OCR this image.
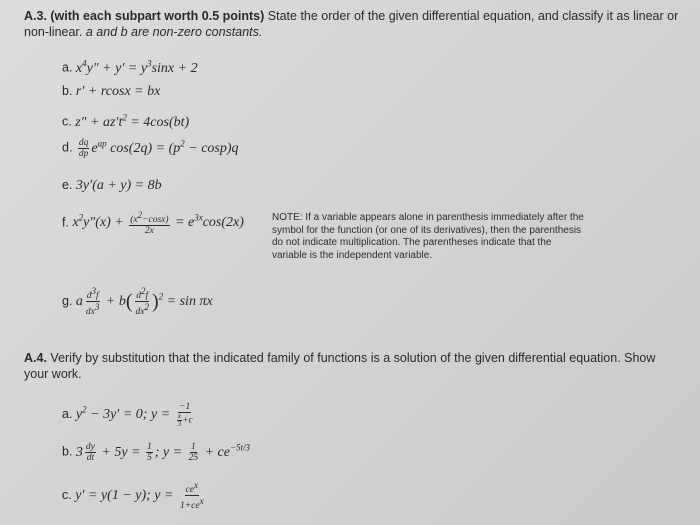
A.3. (with each subpart worth 0.5 points) State the order of the given differential equation, and classify it as linear or
non-linear. a and b are non-zero constants.
a. $x^4y'' + y' = y^3\sin x + 2$
b. r′ + rcosx = bx
c. $z'' + az't^2 = 4\cos(bt)$
d. $\frac{dq}{dp} e^{ap}$ $\cos(2q) = (p^2 - \cos p)q$
e. 3y′(a + y) = 8b
f. $x^2y''(x) + \frac{(x^2-\cos x)}{2x} = e^{3x}\cos(2x)$	NOTE: If a variable appears alone in parenthesis immediately after the
symbol for the function (or one of its derivatives), then the parenthesis
do not indicate multiplication. The parentheses indicate that the
variable is the independent variable.
g. a $\frac{d^3f}{dx^3} + b( \frac{d^2f}{dx^2} )^2 = \sin \pi x$
A.4. Verify by substitution that the indicated family of functions is a solution of the given differential equation. Show
your work.
a. $y^2 - 3y' = 0$; $y = \frac{-1}{\frac{x}{3} +c}$
b. $3 \frac{dy}{dt} + 5y = \frac{1}{5}$ ; $y = \frac{1}{25} + ce^{-5t/3}$
c. y′ = y(1 − y); $y = \frac{ce^x}{1+ce^x}$
